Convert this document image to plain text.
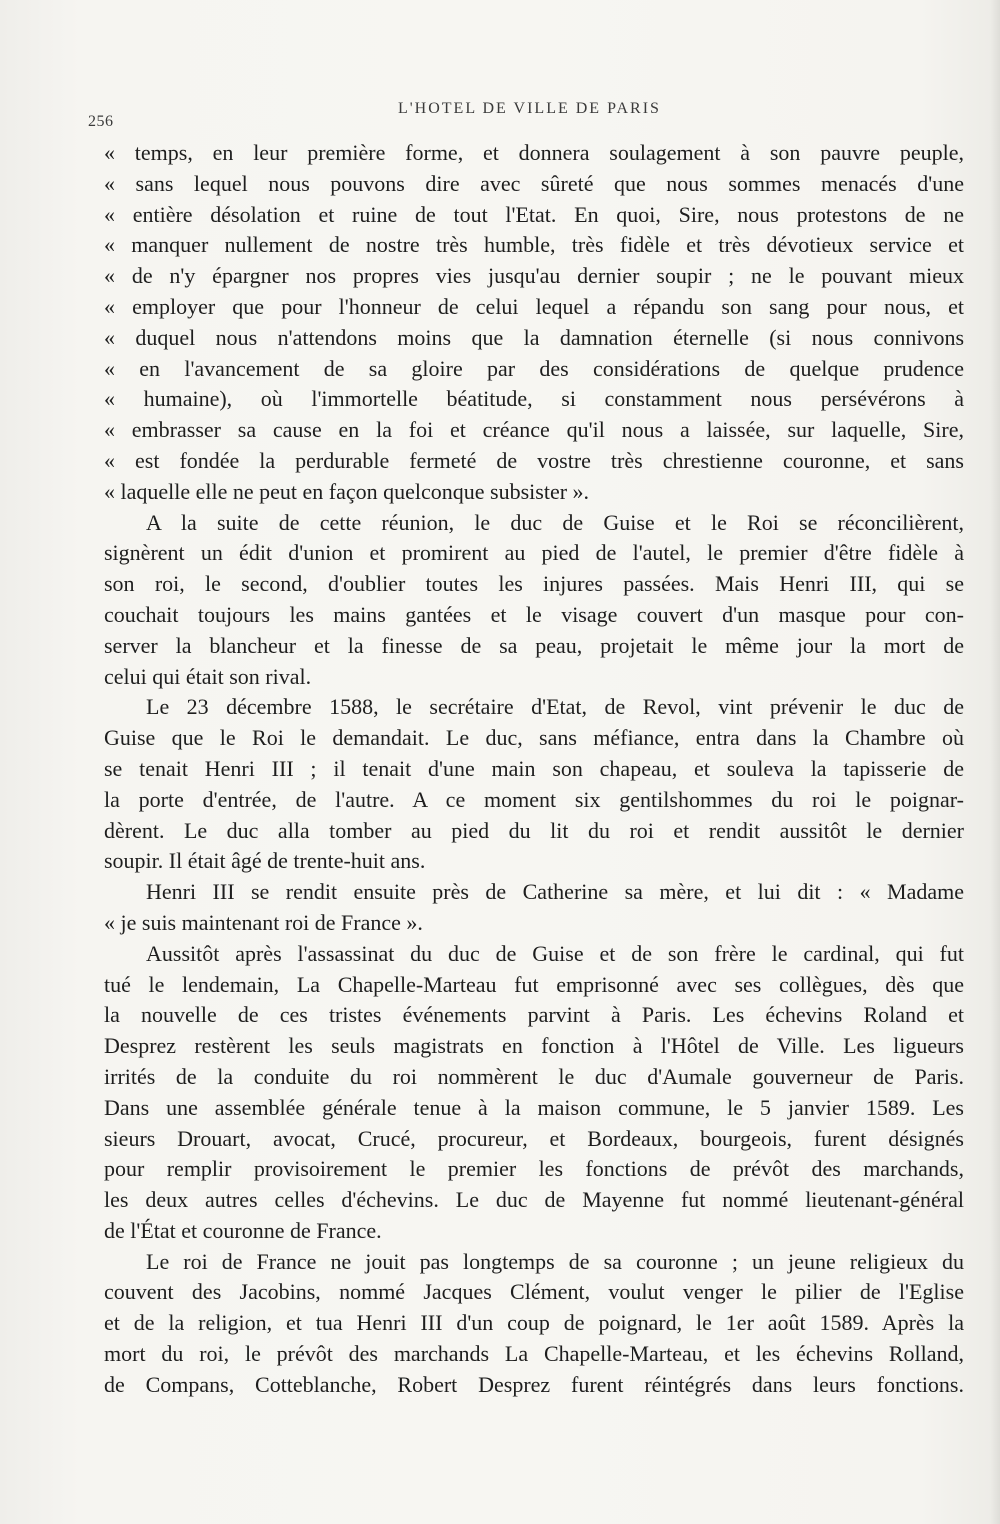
256
L'HOTEL DE VILLE DE PARIS
« temps, en leur première forme, et donnera soulagement à son pauvre peuple,
« sans lequel nous pouvons dire avec sûreté que nous sommes menacés d'une
« entière désolation et ruine de tout l'Etat. En quoi, Sire, nous protestons de ne
« manquer nullement de nostre très humble, très fidèle et très dévotieux service et
« de n'y épargner nos propres vies jusqu'au dernier soupir ; ne le pouvant mieux
« employer que pour l'honneur de celui lequel a répandu son sang pour nous, et
« duquel nous n'attendons moins que la damnation éternelle (si nous connivons
« en l'avancement de sa gloire par des considérations de quelque prudence
« humaine), où l'immortelle béatitude, si constamment nous persévérons à
« embrasser sa cause en la foi et créance qu'il nous a laissée, sur laquelle, Sire,
« est fondée la perdurable fermeté de vostre très chrestienne couronne, et sans
« laquelle elle ne peut en façon quelconque subsister ».
A la suite de cette réunion, le duc de Guise et le Roi se réconcilièrent,
signèrent un édit d'union et promirent au pied de l'autel, le premier d'être fidèle à
son roi, le second, d'oublier toutes les injures passées. Mais Henri III, qui se
couchait toujours les mains gantées et le visage couvert d'un masque pour con-
server la blancheur et la finesse de sa peau, projetait le même jour la mort de
celui qui était son rival.
Le 23 décembre 1588, le secrétaire d'Etat, de Revol, vint prévenir le duc de
Guise que le Roi le demandait. Le duc, sans méfiance, entra dans la Chambre où
se tenait Henri III ; il tenait d'une main son chapeau, et souleva la tapisserie de
la porte d'entrée, de l'autre. A ce moment six gentilshommes du roi le poignar-
dèrent. Le duc alla tomber au pied du lit du roi et rendit aussitôt le dernier
soupir. Il était âgé de trente-huit ans.
Henri III se rendit ensuite près de Catherine sa mère, et lui dit : « Madame
« je suis maintenant roi de France ».
Aussitôt après l'assassinat du duc de Guise et de son frère le cardinal, qui fut
tué le lendemain, La Chapelle-Marteau fut emprisonné avec ses collègues, dès que
la nouvelle de ces tristes événements parvint à Paris. Les échevins Roland et
Desprez restèrent les seuls magistrats en fonction à l'Hôtel de Ville. Les ligueurs
irrités de la conduite du roi nommèrent le duc d'Aumale gouverneur de Paris.
Dans une assemblée générale tenue à la maison commune, le 5 janvier 1589. Les
sieurs Drouart, avocat, Crucé, procureur, et Bordeaux, bourgeois, furent désignés
pour remplir provisoirement le premier les fonctions de prévôt des marchands,
les deux autres celles d'échevins. Le duc de Mayenne fut nommé lieutenant-général
de l'État et couronne de France.
Le roi de France ne jouit pas longtemps de sa couronne ; un jeune religieux du
couvent des Jacobins, nommé Jacques Clément, voulut venger le pilier de l'Eglise
et de la religion, et tua Henri III d'un coup de poignard, le 1er août 1589. Après la
mort du roi, le prévôt des marchands La Chapelle-Marteau, et les échevins Rolland,
de Compans, Cotteblanche, Robert Desprez furent réintégrés dans leurs fonctions.
